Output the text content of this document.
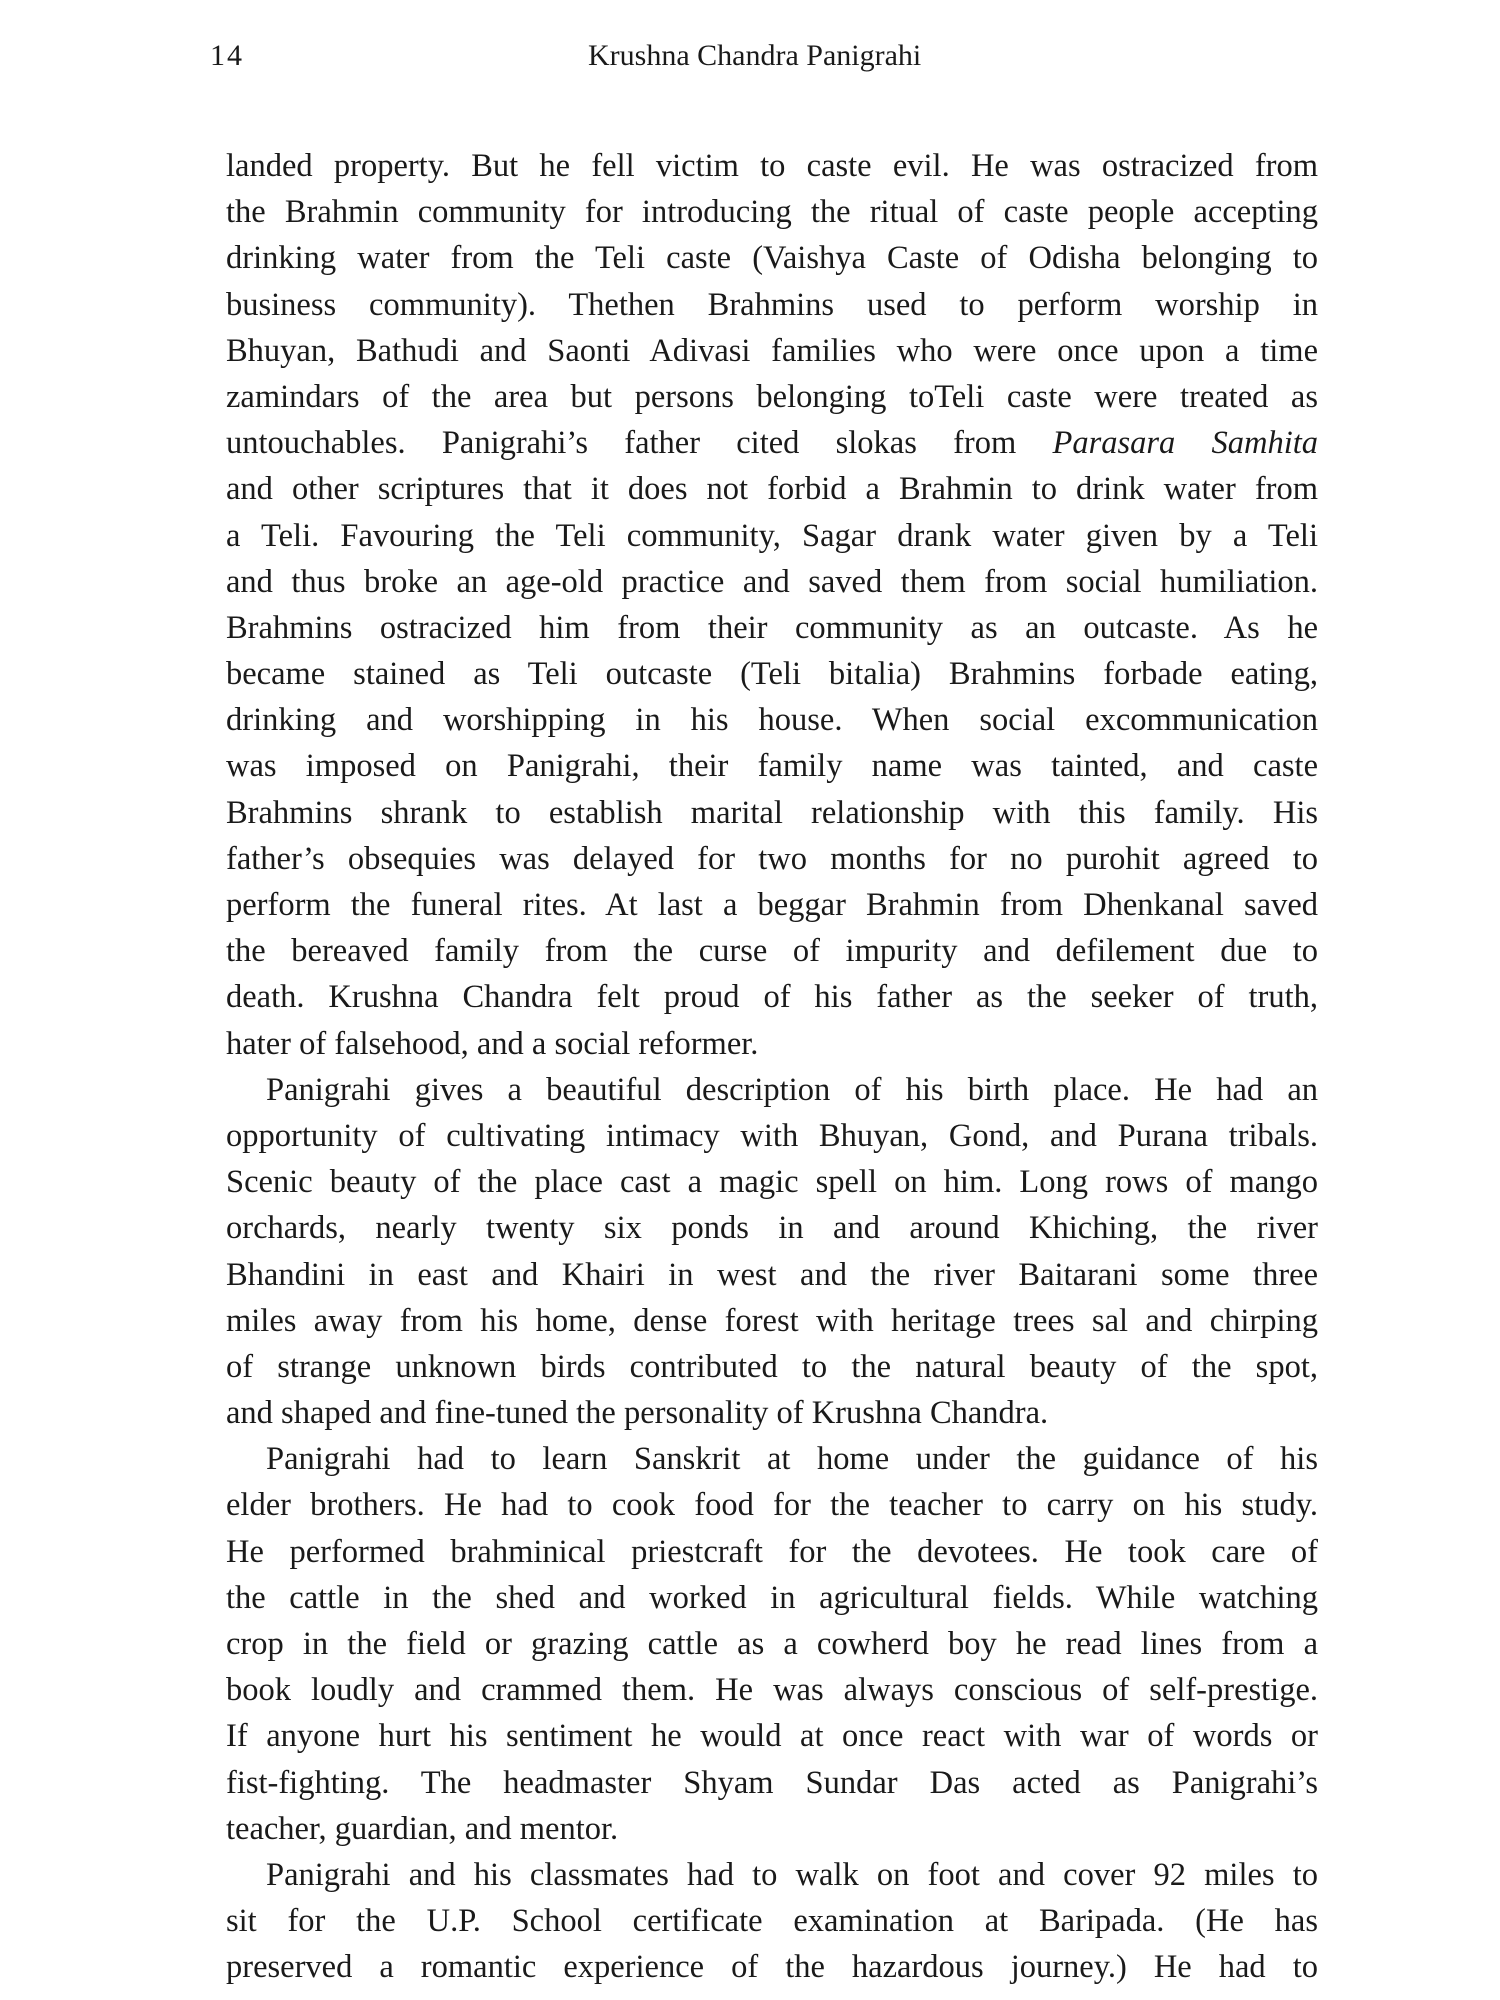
14	Krushna Chandra Panigrahi
landed property. But he fell victim to caste evil. He was ostracized from
the Brahmin community for introducing the ritual of caste people accepting
drinking water from the Teli caste (Vaishya Caste of Odisha belonging to
business community). Thethen Brahmins used to perform worship in
Bhuyan, Bathudi and Saonti Adivasi families who were once upon a time
zamindars of the area but persons belonging toTeli caste were treated as
untouchables. Panigrahi’s father cited slokas from Parasara Samhita
and other scriptures that it does not forbid a Brahmin to drink water from
a Teli. Favouring the Teli community, Sagar drank water given by a Teli
and thus broke an age-old practice and saved them from social humiliation.
Brahmins ostracized him from their community as an outcaste. As he
became stained as Teli outcaste (Teli bitalia) Brahmins forbade eating,
drinking and worshipping in his house. When social excommunication
was imposed on Panigrahi, their family name was tainted, and caste
Brahmins shrank to establish marital relationship with this family. His
father’s obsequies was delayed for two months for no purohit agreed to
perform the funeral rites. At last a beggar Brahmin from Dhenkanal saved
the bereaved family from the curse of impurity and defilement due to
death. Krushna Chandra felt proud of his father as the seeker of truth,
hater of falsehood, and a social reformer.
Panigrahi gives a beautiful description of his birth place. He had an
opportunity of cultivating intimacy with Bhuyan, Gond, and Purana tribals.
Scenic beauty of the place cast a magic spell on him. Long rows of mango
orchards, nearly twenty six ponds in and around Khiching, the river
Bhandini in east and Khairi in west and the river Baitarani some three
miles away from his home, dense forest with heritage trees sal and chirping
of strange unknown birds contributed to the natural beauty of the spot,
and shaped and fine-tuned the personality of Krushna Chandra.
Panigrahi had to learn Sanskrit at home under the guidance of his
elder brothers. He had to cook food for the teacher to carry on his study.
He performed brahminical priestcraft for the devotees. He took care of
the cattle in the shed and worked in agricultural fields. While watching
crop in the field or grazing cattle as a cowherd boy he read lines from a
book loudly and crammed them. He was always conscious of self-prestige.
If anyone hurt his sentiment he would at once react with war of words or
fist-fighting. The headmaster Shyam Sundar Das acted as Panigrahi’s
teacher, guardian, and mentor.
Panigrahi and his classmates had to walk on foot and cover 92 miles to
sit for the U.P. School certificate examination at Baripada. (He has
preserved a romantic experience of the hazardous journey.) He had to
